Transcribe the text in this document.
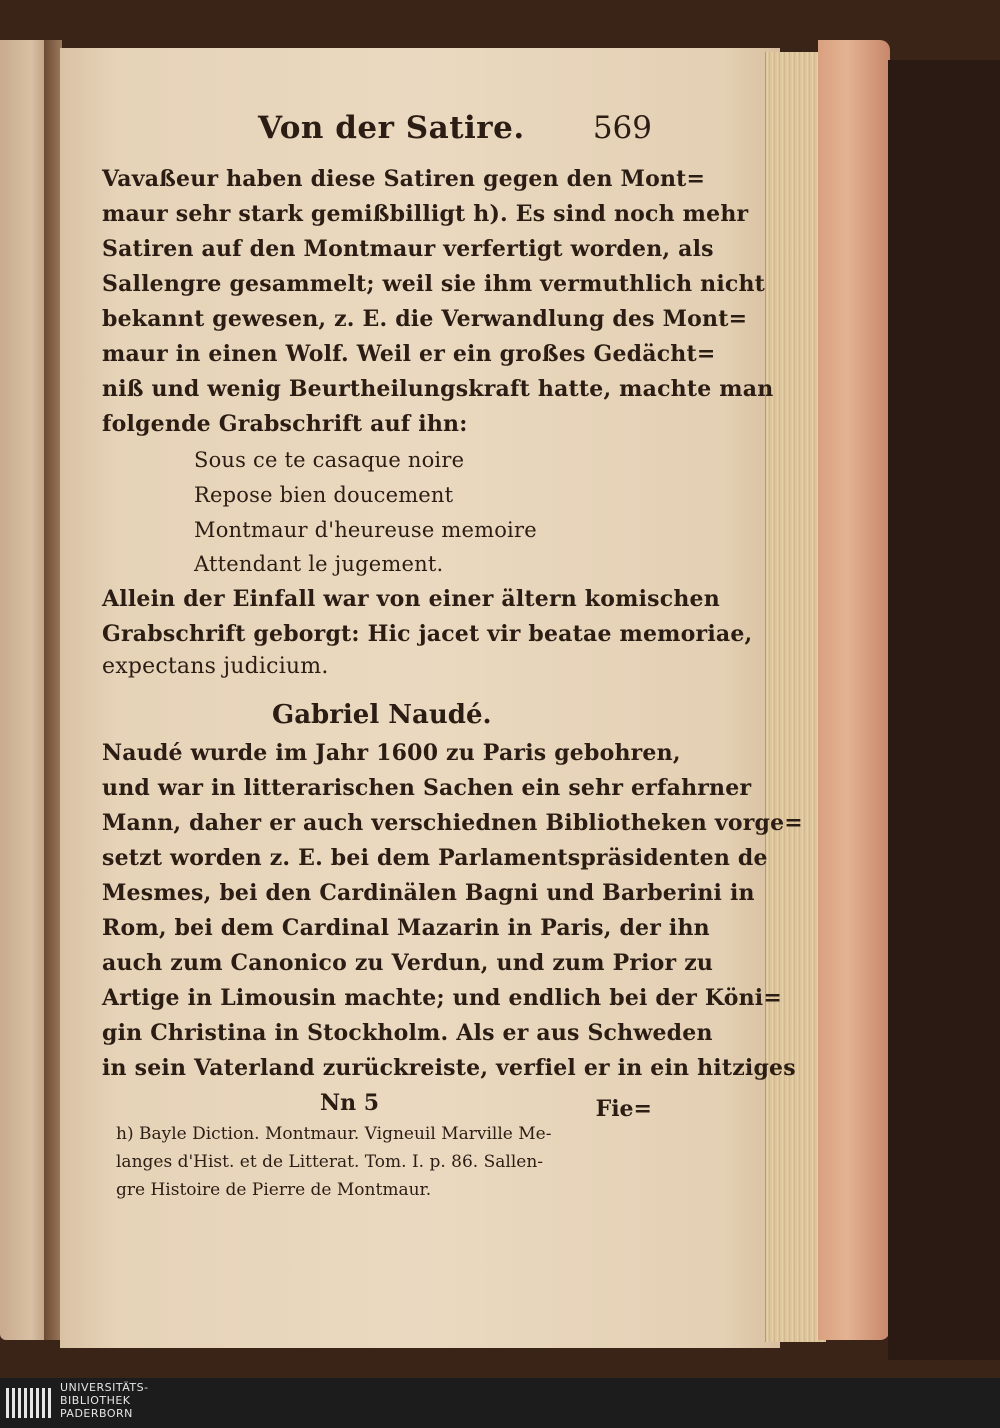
Von der Satire. 569
Vavaßeur haben diese Satiren gegen den Mont=
maur sehr stark gemißbilligt h). Es sind noch mehr
Satiren auf den Montmaur verfertigt worden, als
Sallengre gesammelt; weil sie ihm vermuthlich nicht
bekannt gewesen, z. E. die Verwandlung des Mont=
maur in einen Wolf. Weil er ein großes Gedächt=
niß und wenig Beurtheilungskraft hatte, machte man
folgende Grabschrift auf ihn:
Sous ce te casaque noire
Repose bien doucement
Montmaur d'heureuse memoire
Attendant le jugement.
Allein der Einfall war von einer ältern komischen
Grabschrift geborgt: Hic jacet vir beatae memoriae,
expectans judicium.
Gabriel Naudé.
Naudé wurde im Jahr 1600 zu Paris gebohren,
und war in litterarischen Sachen ein sehr erfahrner
Mann, daher er auch verschiednen Bibliotheken vorge=
setzt worden z. E. bei dem Parlamentspräsidenten de
Mesmes, bei den Cardinälen Bagni und Barberini in
Rom, bei dem Cardinal Mazarin in Paris, der ihn
auch zum Canonico zu Verdun, und zum Prior zu
Artige in Limousin machte; und endlich bei der Köni=
gin Christina in Stockholm. Als er aus Schweden
in sein Vaterland zurückreiste, verfiel er in ein hitziges
Nn 5	Fie=
h) Bayle Diction. Montmaur. Vigneuil Marville Me-
langes d'Hist. et de Litterat. Tom. I. p. 86. Sallen-
gre Histoire de Pierre de Montmaur.
UNIVERSITÄTS-
BIBLIOTHEK
PADERBORN
